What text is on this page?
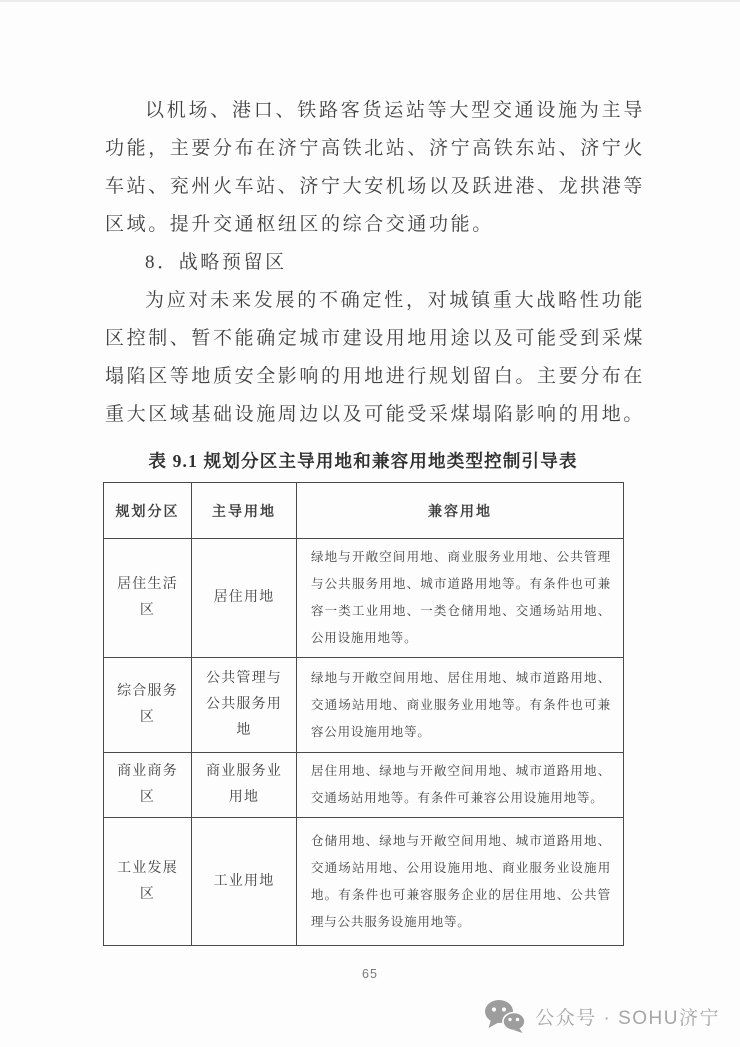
以机场、港口、铁路客货运站等大型交通设施为主导功能，主要分布在济宁高铁北站、济宁高铁东站、济宁火车站、兖州火车站、济宁大安机场以及跃进港、龙拱港等区域。提升交通枢纽区的综合交通功能。

8．战略预留区

为应对未来发展的不确定性，对城镇重大战略性功能区控制、暂不能确定城市建设用地用途以及可能受到采煤塌陷区等地质安全影响的用地进行规划留白。主要分布在重大区域基础设施周边以及可能受采煤塌陷影响的用地。

表 9.1 规划分区主导用地和兼容用地类型控制引导表

规划分区	主导用地	兼容用地
居住生活区	居住用地	绿地与开敞空间用地、商业服务业用地、公共管理与公共服务用地、城市道路用地等。有条件也可兼容一类工业用地、一类仓储用地、交通场站用地、公用设施用地等。
综合服务区	公共管理与公共服务用地	绿地与开敞空间用地、居住用地、城市道路用地、交通场站用地、商业服务业用地等。有条件也可兼容公用设施用地等。
商业商务区	商业服务业用地	居住用地、绿地与开敞空间用地、城市道路用地、交通场站用地等。有条件可兼容公用设施用地等。
工业发展区	工业用地	仓储用地、绿地与开敞空间用地、城市道路用地、交通场站用地、公用设施用地、商业服务业设施用地。有条件也可兼容服务企业的居住用地、公共管理与公共服务设施用地等。
65
公众号 · SOHU济宁
